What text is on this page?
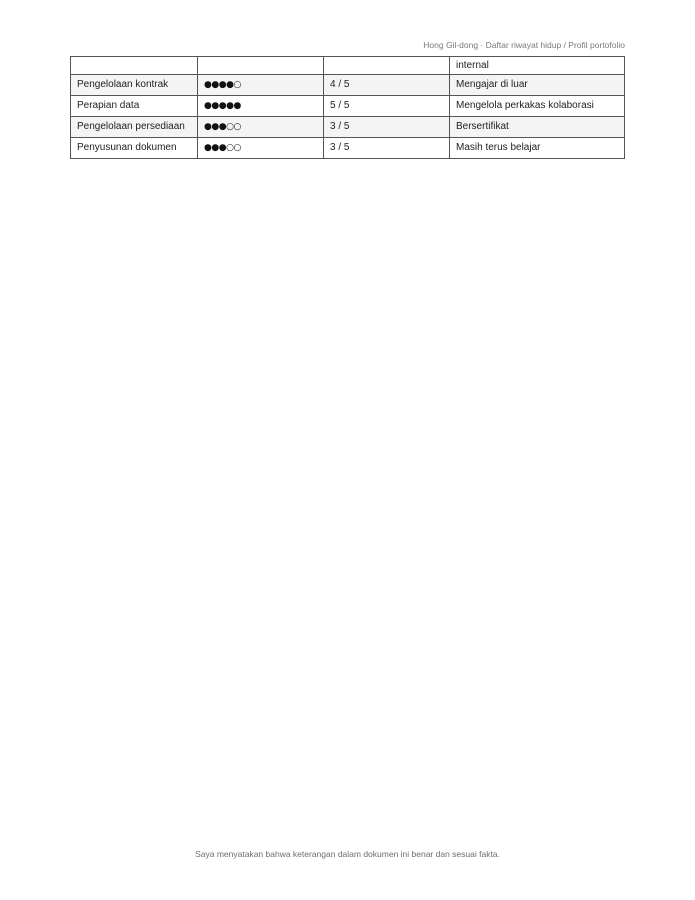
Hong Gil-dong · Daftar riwayat hidup / Profil portofolio
			internal
Pengelolaan kontrak	●●●●○	4 / 5	Mengajar di luar
Perapian data	●●●●●	5 / 5	Mengelola perkakas kolaborasi
Pengelolaan persediaan	●●●○○	3 / 5	Bersertifikat
Penyusunan dokumen	●●●○○	3 / 5	Masih terus belajar
Saya menyatakan bahwa keterangan dalam dokumen ini benar dan sesuai fakta.
